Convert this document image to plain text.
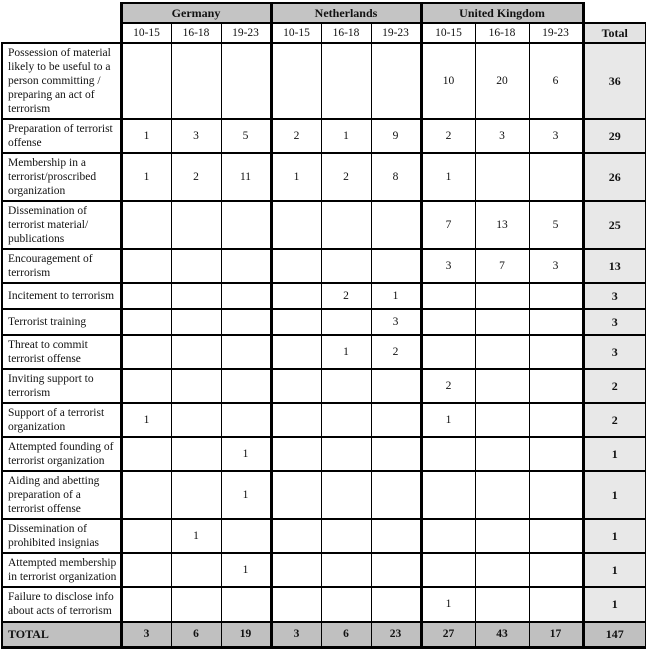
	Germany			Netherlands			United Kingdom			
	10-15	16-18	19-23	10-15	16-18	19-23	10-15	16-18	19-23	Total
Possession of material likely to be useful to a person committing / preparing an act of terrorism							10	20	6	36
Preparation of terrorist offense	1	3	5	2	1	9	2	3	3	29
Membership in a terrorist/proscribed organization	1	2	11	1	2	8	1			26
Dissemination of terrorist material/ publications							7	13	5	25
Encouragement of terrorism							3	7	3	13
Incitement to terrorism					2	1				3
Terrorist training						3				3
Threat to commit terrorist offense					1	2				3
Inviting support to terrorism							2			2
Support of a terrorist organization	1						1			2
Attempted founding of terrorist organization			1							1
Aiding and abetting preparation of a terrorist offense			1							1
Dissemination of prohibited insignias		1								1
Attempted membership in terrorist organization			1							1
Failure to disclose info about acts of terrorism							1			1
TOTAL	3	6	19	3	6	23	27	43	17	147
